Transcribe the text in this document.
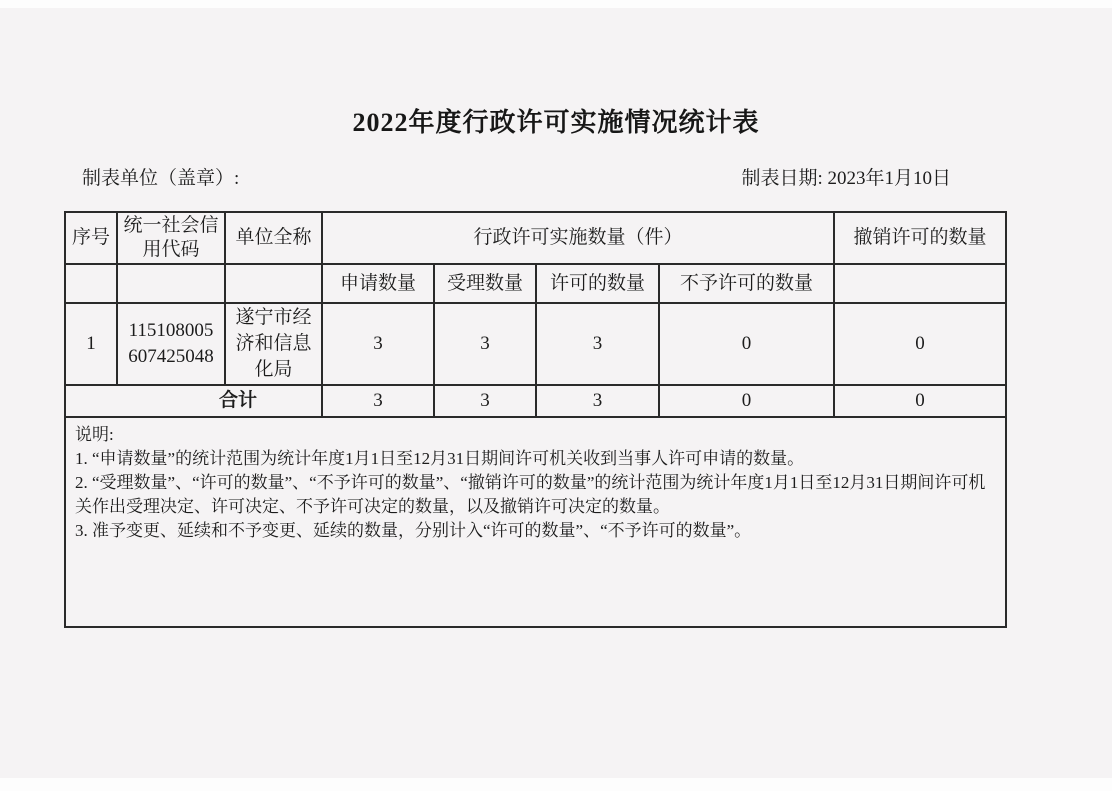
2022年度行政许可实施情况统计表
制表单位（盖章）:	制表日期: 2023年1月10日
序号	统一社会信用代码	单位全称	行政许可实施数量（件）				撤销许可的数量
			申请数量	受理数量	许可的数量	不予许可的数量	
1	115108005607425048	遂宁市经济和信息化局	3	3	3	0	0
合计			3	3	3	0	0

说明:

1. “申请数量”的统计范围为统计年度1月1日至12月31日期间许可机关收到当事人许可申请的数量。

2. “受理数量”、“许可的数量”、“不予许可的数量”、“撤销许可的数量”的统计范围为统计年度1月1日至12月31日期间许可机关作出受理决定、许可决定、不予许可决定的数量，以及撤销许可决定的数量。

3. 准予变更、延续和不予变更、延续的数量，分别计入“许可的数量”、“不予许可的数量”。							
